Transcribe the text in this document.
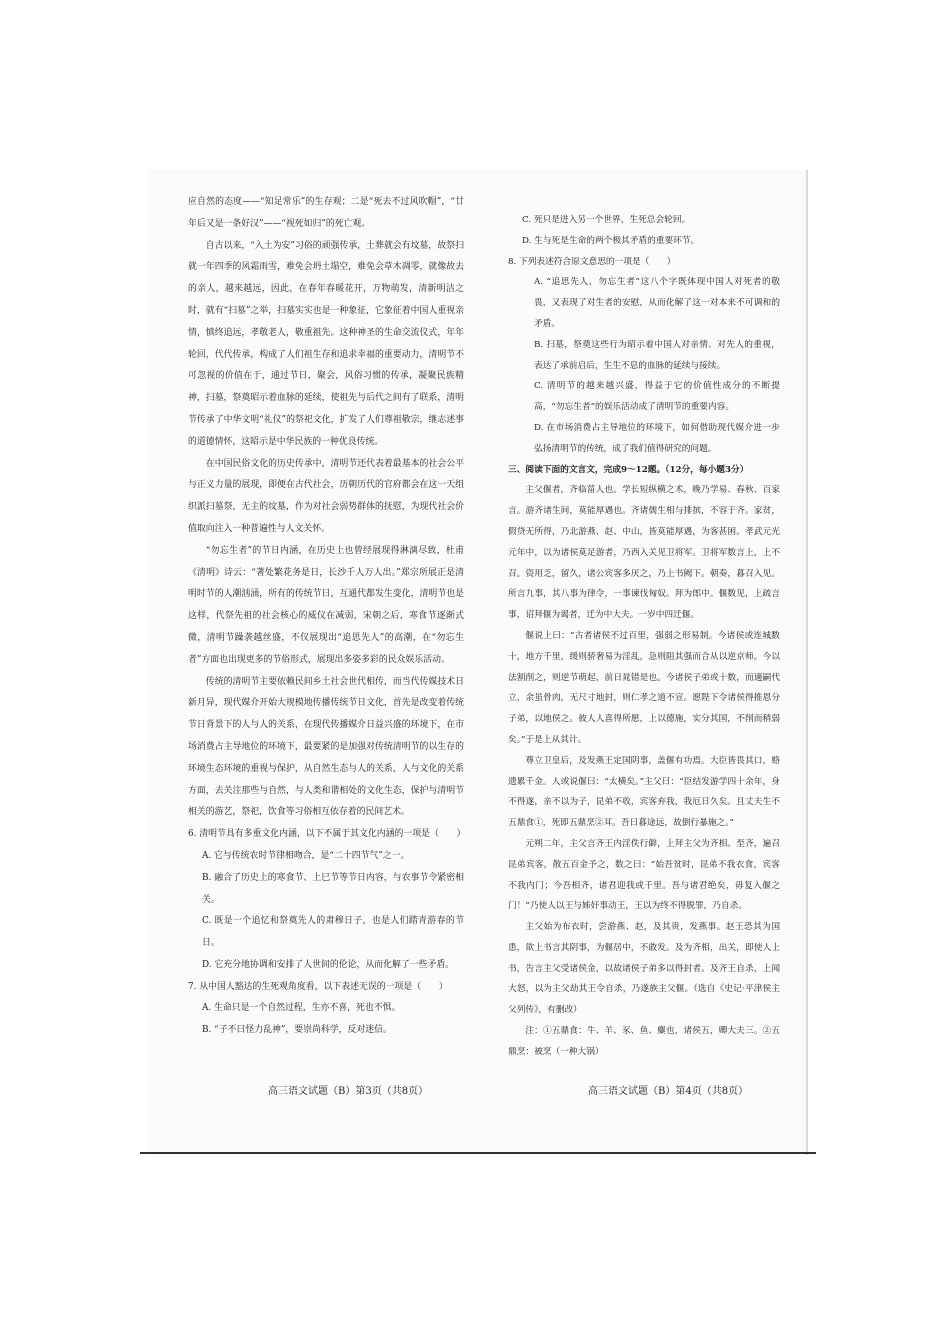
应自然的态度——“知足常乐”的生存观；二是“死去不过风吹帽”，“廿年后又是一条好汉”——“视死如归”的死亡观。

自古以来，“入土为安”习俗的顽强传承，土葬就会有坟墓，故祭扫就一年四季的风霜雨雪，难免会坍土塌空，难免会草木凋零，就像故去的亲人，越来越远，因此，在春年春暖花开，万物萌发，清新明洁之时，就有“扫墓”之举，扫墓实实也是一种象征，它象征着中国人重视亲情，慎终追远，孝敬老人，敬重祖先。这种神圣的生命交流仪式，年年轮回，代代传承，构成了人们祖生存和追求幸福的重要动力，清明节不可忽视的价值在于，通过节日，聚会，风俗习惯的传承，凝聚民族精神，扫墓，祭奠昭示着血脉的延续，使祖先与后代之间有了联系，清明节传承了中华文明“礼仪”的祭祀文化，扩发了人们尊祖敬宗，继志述事的道德情怀，这昭示是中华民族的一种优良传统。

在中国民俗文化的历史传承中，清明节还代表着最基本的社会公平与正义力量的展现，即便在古代社会，历朝历代的官府都会在这一天组织派扫墓祭，无主的坟墓，作为对社会弱势群体的抚慰，为现代社会价值取向注入一种普遍性与人文关怀。

“勿忘生者”的节日内涵，在历史上也曾经展现得淋漓尽致，杜甫《清明》诗云：“著处繁花务是日，长沙千人万人出。”郑宗所展正是清明时节的人潮汹涌，所有的传统节日，互通代都发生变化，清明节也是这样，代祭先祖的社会核心的威仪在减弱，宋朝之后，寒食节逐渐式微，清明节躁袭越丝盛，不仅展现出“追思先人”的高潮，在“勿忘生者”方面也出现更多的节俗形式，展现出多姿多彩的民众娱乐活动。

传统的清明节主要依赖民间乡土社会世代相传，而当代传媒技术日新月异，现代媒介开始大规模地传播传统节日文化，首先是改变着传统节日背景下的人与人的关系，在现代传播媒介日益兴盛的环境下，在市场消费占主导地位的环境下，最要紧的是加强对传统清明节的以生存的环境生态环境的重视与保护，从自然生态与人的关系，人与文化的关系方面，去关注那些与自然，与人类和谐相处的文化生态，保护与清明节相关的游艺，祭祀，饮食等习俗相互依存着的民间艺术。

6. 清明节具有多重文化内涵，以下不属于其文化内涵的一项是（　　）

A. 它与传统农时节律相吻合，是“二十四节气”之一。

B. 融合了历史上的寒食节、上巳节等节日内容，与农事节令紧密相关。

C. 既是一个追忆和祭奠先人的肃穆日子，也是人们踏青游春的节日。

D. 它充分地协调和安排了人世间的伦论，从而化解了一些矛盾。

7. 从中国人豁达的生死观角度看，以下表述无误的一项是（　　）

A. 生命只是一个自然过程，生亦不喜，死也不惧。

B. “子不曰怪力乱神”，要崇尚科学，反对迷信。

高三语文试题（B）第3页（共8页）

C. 死只是进入另一个世界，生死总会轮回。

D. 生与死是生命的两个极其矛盾的重要环节。

8. 下列表述符合原文意思的一项是（　　）

A. “追思先人，勿忘生者”这八个字既体现中国人对死者的敬畏，又表现了对生者的安慰，从而化解了这一对本来不可调和的矛盾。

B. 扫墓，祭奠这些行为昭示着中国人对亲情、对先人的重视，表达了承前启后，生生不息的血脉的延续与接续。

C. 清明节的越来越兴盛，得益于它的价值性成分的不断提高，“勿忘生者”的娱乐活动成了清明节的重要内容。

D. 在市场消费占主导地位的环境下，如何借助现代媒介进一步弘扬清明节的传统，成了我们值得研究的问题。

三、阅读下面的文言文，完成9～12题。（12分，每小题3分）

主父偃者，齐临菑人也。学长短纵横之术，晚乃学易、春秋、百家言。游齐诸生间，莫能厚遇也。齐诸儒生相与排摈，不容于齐。家贫，假贷无所得，乃北游燕、赵、中山，皆莫能厚遇，为客甚困。孝武元光元年中，以为诸侯莫足游者，乃西入关见卫将军。卫将军数言上，上不召。资用乏，留久，诸公宾客多厌之，乃上书阙下。朝奏，暮召入见。所言九事，其八事为律令，一事谏伐匈奴。拜为郎中。偃数见，上疏言事，诏拜偃为谒者，迁为中大夫。一岁中四迁偃。

偃说上曰：“古者诸侯不过百里，强弱之形易制。今诸侯或连城数十，地方千里，缓则骄奢易为淫乱，急则阻其强而合从以逆京师。今以法割削之，则逆节萌起，前日晁错是也。今诸侯子弟或十数，而適嗣代立，余虽骨肉，无尺寸地封，则仁孝之道不宣。愿陛下令诸侯得推恩分子弟，以地侯之。彼人人喜得所愿，上以德施，实分其国，不削而稍弱矣。”于是上从其计。

尊立卫皇后，及发燕王定国阴事，盖偃有功焉。大臣皆畏其口，赂遗累千金。人或说偃曰：“太横矣。”主父曰：“臣结发游学四十余年，身不得遂，亲不以为子，昆弟不收，宾客弃我，我厄日久矣。且丈夫生不五鼎食①，死即五鼎烹②耳。吾日暮途远，故倒行暴施之。”

元朔二年，主父言齐王内淫佚行僻，上拜主父为齐相。至齐，遍召昆弟宾客，散五百金予之，数之曰：“始吾贫时，昆弟不我衣食，宾客不我内门；今吾相齐，诸君迎我或千里。吾与诸君绝矣，毋复入偃之门！”乃使人以王与姊奸事动王，王以为终不得脱罪，乃自杀。

主父始为布衣时，尝游燕、赵，及其贵，发燕事。赵王恐其为国患，欲上书言其阴事，为偃居中，不敢发。及为齐相，出关，即使人上书，告言主父受诸侯金，以故诸侯子弟多以得封者。及齐王自杀，上闻大怒，以为主父劫其王令自杀，乃遂族主父偃。（选自《史记·平津侯主父列传》，有删改）

注：①五鼎食：牛、羊、豕、鱼、麋也，诸侯五，卿大夫三。②五鼎烹：被烹（一种大锅）

高三语文试题（B）第4页（共8页）
